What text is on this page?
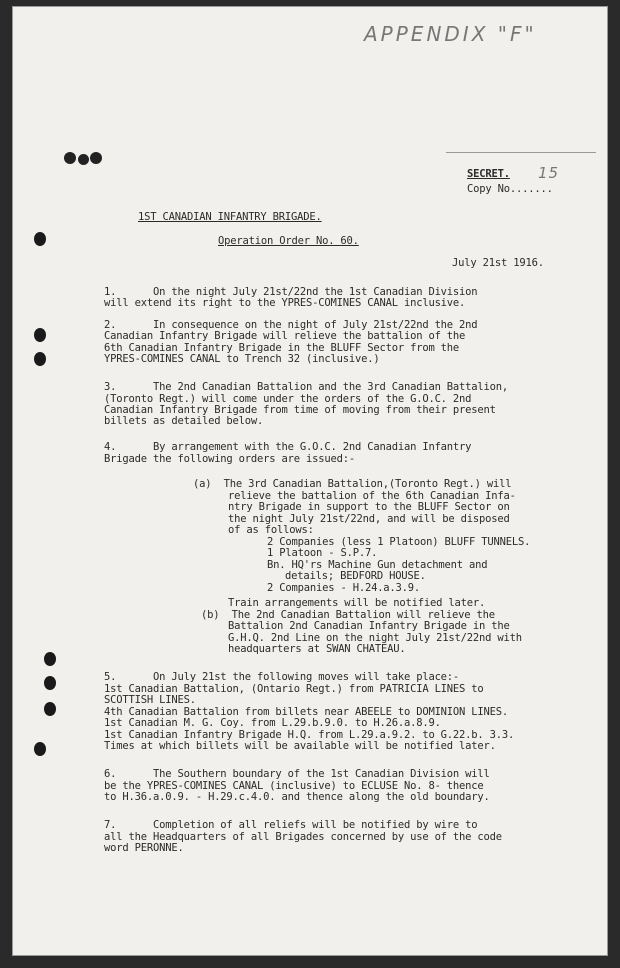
APPENDIX "F"
SECRET. 15
Copy No.......
1ST CANADIAN INFANTRY BRIGADE.
Operation Order No. 60.
July 21st 1916.
1.      On the night July 21st/22nd the 1st Canadian Division
will extend its right to the YPRES-COMINES CANAL inclusive.
2.      In consequence on the night of July 21st/22nd the 2nd
Canadian Infantry Brigade will relieve the battalion of the
6th Canadian Infantry Brigade in the BLUFF Sector from the
YPRES-COMINES CANAL to Trench 32 (inclusive.)
3.      The 2nd Canadian Battalion and the 3rd Canadian Battalion,
(Toronto Regt.) will come under the orders of the G.O.C. 2nd
Canadian Infantry Brigade from time of moving from their present
billets as detailed below.
4.      By arrangement with the G.O.C. 2nd Canadian Infantry
Brigade the following orders are issued:-
(a)  The 3rd Canadian Battalion,(Toronto Regt.) will
relieve the battalion of the 6th Canadian Infa-
ntry Brigade in support to the BLUFF Sector on
the night July 21st/22nd, and will be disposed
of as follows:
2 Companies (less 1 Platoon) BLUFF TUNNELS.
1 Platoon - S.P.7.
Bn. HQ'rs Machine Gun detachment and
details; BEDFORD HOUSE.
2 Companies - H.24.a.3.9.
Train arrangements will be notified later.
(b)  The 2nd Canadian Battalion will relieve the
Battalion 2nd Canadian Infantry Brigade in the
G.H.Q. 2nd Line on the night July 21st/22nd with
headquarters at SWAN CHATEAU.
5.      On July 21st the following moves will take place:-
1st Canadian Battalion, (Ontario Regt.) from PATRICIA LINES to
SCOTTISH LINES.
4th Canadian Battalion from billets near ABEELE to DOMINION LINES.
1st Canadian M. G. Coy. from L.29.b.9.0. to H.26.a.8.9.
1st Canadian Infantry Brigade H.Q. from L.29.a.9.2. to G.22.b. 3.3.
Times at which billets will be available will be notified later.
6.      The Southern boundary of the 1st Canadian Division will
be the YPRES-COMINES CANAL (inclusive) to ECLUSE No. 8- thence
to H.36.a.0.9. - H.29.c.4.0. and thence along the old boundary.
7.      Completion of all reliefs will be notified by wire to
all the Headquarters of all Brigades concerned by use of the code
word PERONNE.
